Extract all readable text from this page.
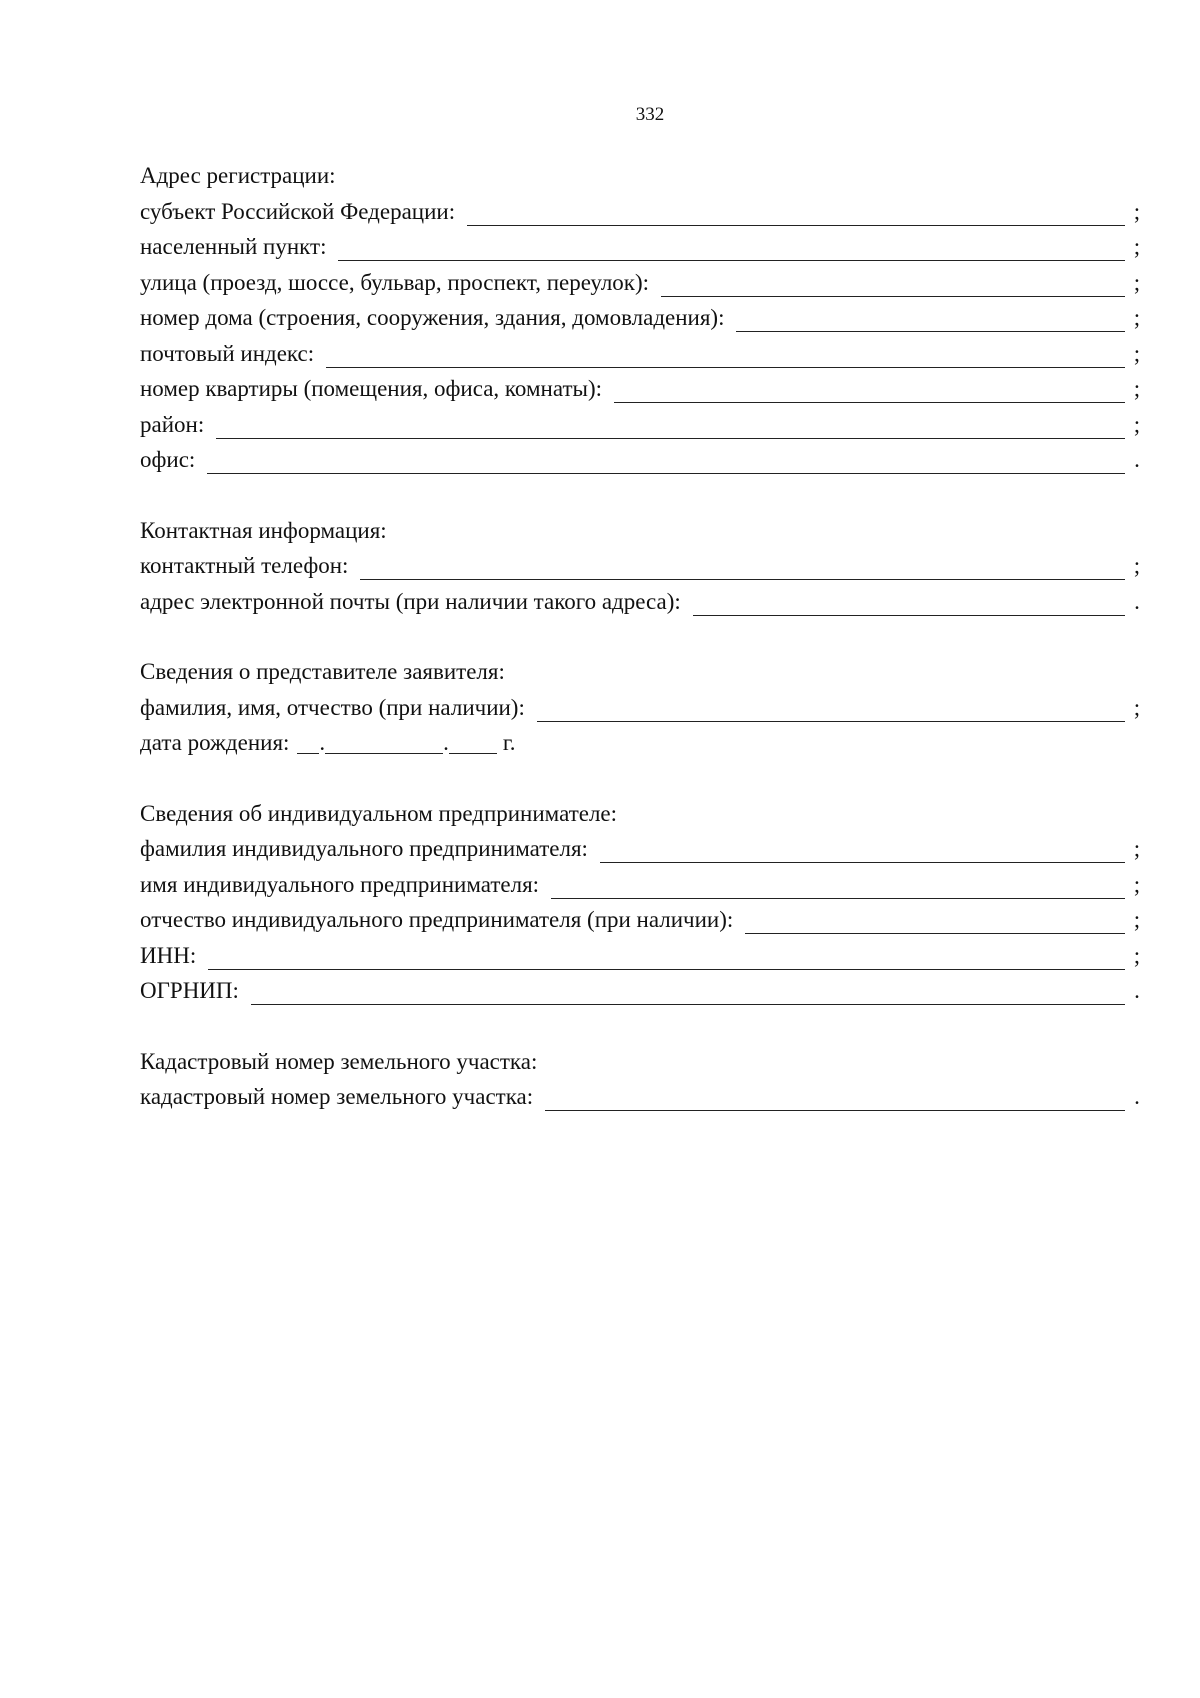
332
Адрес регистрации:
субъект Российской Федерации:	;
населенный пункт:	;
улица (проезд, шоссе, бульвар, проспект, переулок):	;
номер дома (строения, сооружения, здания, домовладения):	;
почтовый индекс:	;
номер квартиры (помещения, офиса, комнаты):	;
район:	;
офис:	.
Контактная информация:
контактный телефон:	;
адрес электронной почты (при наличии такого адреса):	.
Сведения о представителе заявителя:
фамилия, имя, отчество (при наличии):	;
дата рождения: .	. г.
Сведения об индивидуальном предпринимателе:
фамилия индивидуального предпринимателя:	;
имя индивидуального предпринимателя:	;
отчество индивидуального предпринимателя (при наличии):	;
ИНН:	;
ОГРНИП:	.
Кадастровый номер земельного участка:
кадастровый номер земельного участка:	.
